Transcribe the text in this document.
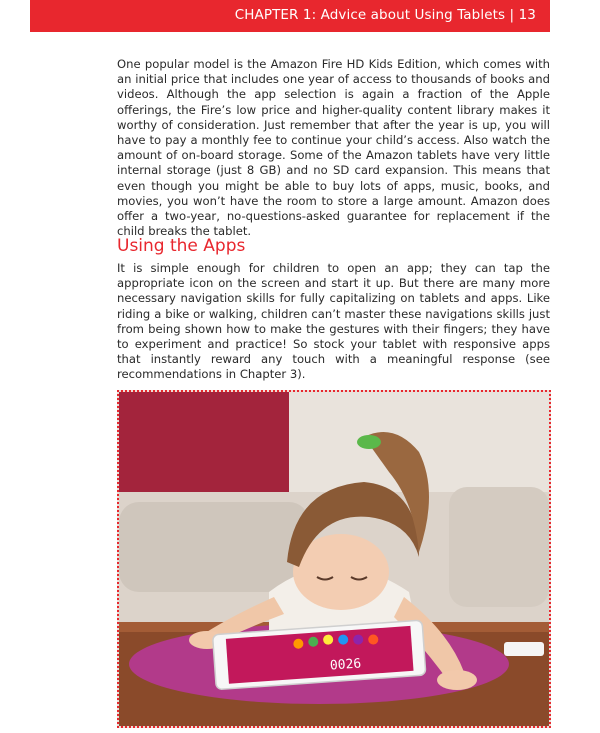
CHAPTER 1: Advice about Using Tablets | 13

One popular model is the Amazon Fire HD Kids Edition, which comes with an initial price that includes one year of access to thousands of books and videos. Although the app selection is again a fraction of the Apple offerings, the Fire’s low price and higher-quality content library makes it worthy of consideration. Just remember that after the year is up, you will have to pay a monthly fee to continue your child’s access. Also watch the amount of on-board storage. Some of the Amazon tablets have very little internal storage (just 8 GB) and no SD card expansion. This means that even though you might be able to buy lots of apps, music, books, and movies, you won’t have the room to store a large amount. Amazon does offer a two-year, no-questions-asked guarantee for replacement if the child breaks the tablet.

Using the Apps

It is simple enough for children to open an app; they can tap the appropriate icon on the screen and start it up. But there are many more necessary navigation skills for fully capitalizing on tablets and apps. Like riding a bike or walking, children can’t master these navigations skills just from being shown how to make the gestures with their fingers; they have to experiment and practice! So stock your tablet with responsive apps that instantly reward any touch with a meaningful response (see recommendations in Chapter 3).

0026
